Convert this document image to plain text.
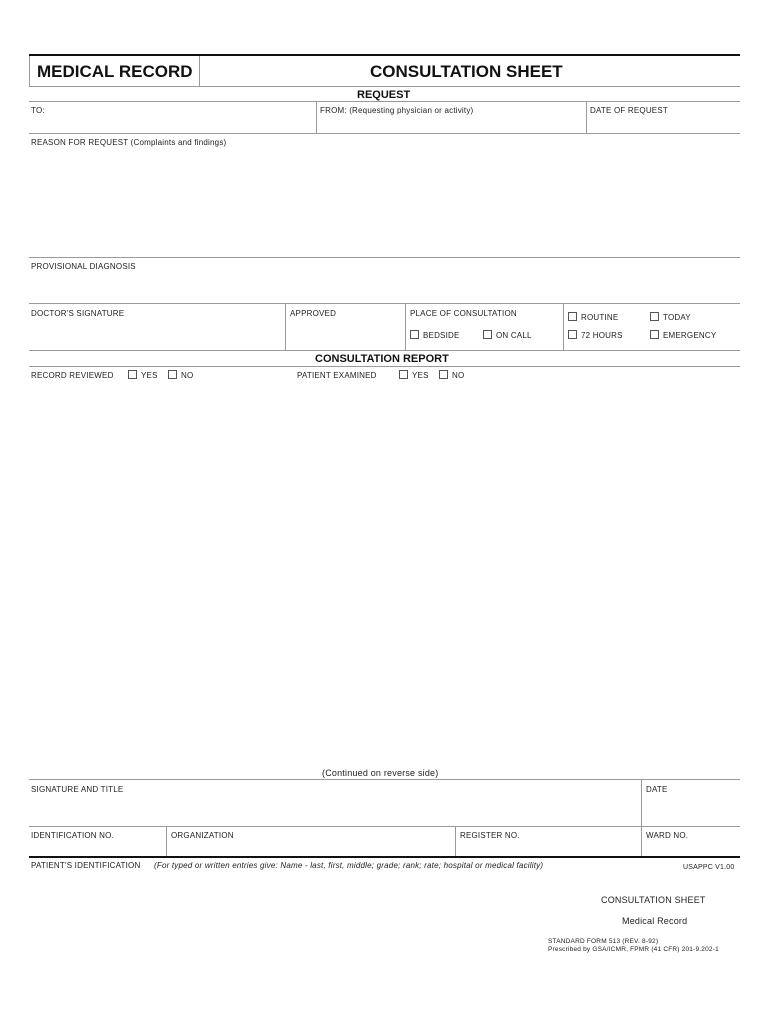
MEDICAL RECORD	CONSULTATION SHEET
REQUEST
TO:	FROM: (Requesting physician or activity)	DATE OF REQUEST
REASON FOR REQUEST (Complaints and findings)
PROVISIONAL DIAGNOSIS
DOCTOR'S SIGNATURE	APPROVED	PLACE OF CONSULTATION
BEDSIDE	ON CALL
ROUTINE	TODAY
72 HOURS	EMERGENCY
CONSULTATION REPORT
RECORD REVIEWED	YES	NO	PATIENT EXAMINED	YES	NO
(Continued on reverse side)
SIGNATURE AND TITLE	DATE
IDENTIFICATION NO.	ORGANIZATION	REGISTER NO.	WARD NO.
PATIENT'S IDENTIFICATION (For typed or written entries give: Name - last, first, middle; grade; rank; rate; hospital or medical facility)	USAPPC V1.00
CONSULTATION SHEET
Medical Record
STANDARD FORM 513 (REV. 8-92)
Prescribed by GSA/ICMR, FPMR (41 CFR) 201-9.202-1
